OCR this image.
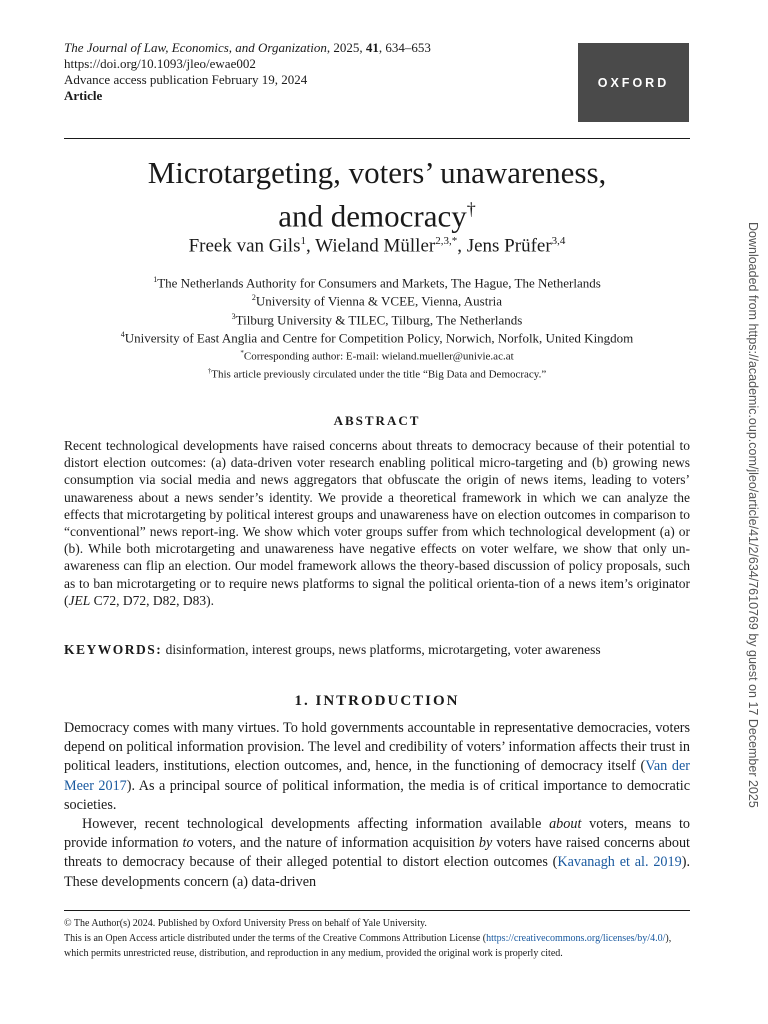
The Journal of Law, Economics, and Organization, 2025, 41, 634–653
https://doi.org/10.1093/jleo/ewae002
Advance access publication February 19, 2024
Article
OXFORD
Microtargeting, voters’ unawareness,
and democracy†
Freek van Gils$^1$, Wieland Müller$^{2,3,*}$, Jens Prüfer$^{3,4}$
$^1$The Netherlands Authority for Consumers and Markets, The Hague, The Netherlands
$^2$University of Vienna & VCEE, Vienna, Austria
$^3$Tilburg University & TILEC, Tilburg, The Netherlands
$^4$University of East Anglia and Centre for Competition Policy, Norwich, Norfolk, United Kingdom
*Corresponding author: E-mail: wieland.mueller@univie.ac.at
†This article previously circulated under the title “Big Data and Democracy.”
ABSTRACT
Recent technological developments have raised concerns about threats to democracy because of their potential to distort election outcomes: (a) data-driven voter research enabling political micro-targeting and (b) growing news consumption via social media and news aggregators that obfuscate the origin of news items, leading to voters’ unawareness about a news sender’s identity. We provide a theoretical framework in which we can analyze the effects that microtargeting by political interest groups and unawareness have on election outcomes in comparison to “conventional” news report-ing. We show which voter groups suffer from which technological development (a) or (b). While both microtargeting and unawareness have negative effects on voter welfare, we show that only un-awareness can flip an election. Our model framework allows the theory-based discussion of policy proposals, such as to ban microtargeting or to require news platforms to signal the political orienta-tion of a news item’s originator (JEL C72, D72, D82, D83).
KEYWORDS: disinformation, interest groups, news platforms, microtargeting, voter awareness
1. INTRODUCTION

Democracy comes with many virtues. To hold governments accountable in representative democracies, voters depend on political information provision. The level and credibility of voters’ information affects their trust in political leaders, institutions, election outcomes, and, hence, in the functioning of democracy itself (Van der Meer 2017). As a principal source of political information, the media is of critical importance to democratic societies.

However, recent technological developments affecting information available about voters, means to provide information to voters, and the nature of information acquisition by voters have raised concerns about threats to democracy because of their alleged potential to distort election outcomes (Kavanagh et al. 2019). These developments concern (a) data-driven

© The Author(s) 2024. Published by Oxford University Press on behalf of Yale University.
This is an Open Access article distributed under the terms of the Creative Commons Attribution License (https://creativecommons.org/licenses/by/4.0/), which permits unrestricted reuse, distribution, and reproduction in any medium, provided the original work is properly cited.
Downloaded from https://academic.oup.com/jleo/article/41/2/634/7610769 by guest on 17 December 2025
